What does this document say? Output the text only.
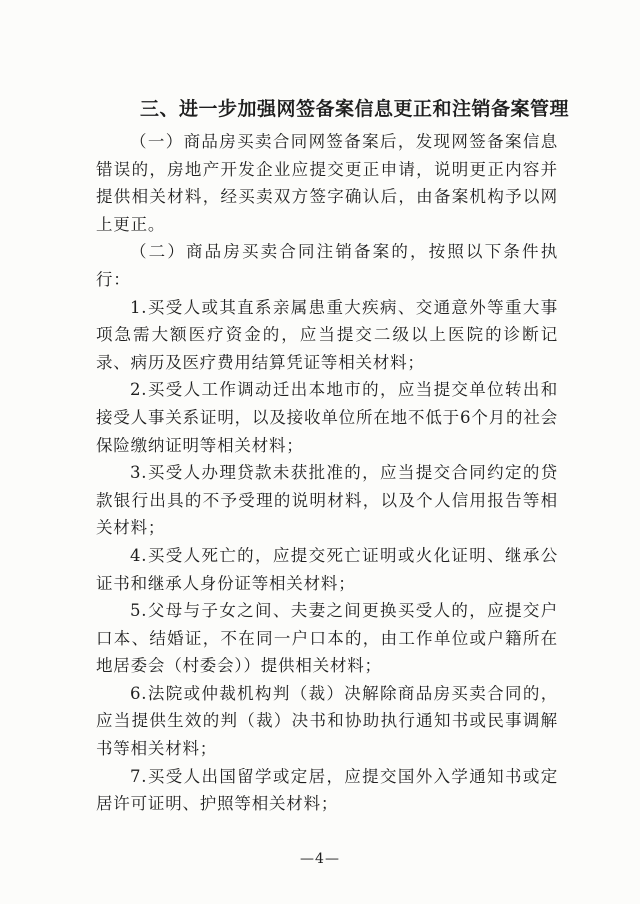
三、进一步加强网签备案信息更正和注销备案管理

（一）商品房买卖合同网签备案后，发现网签备案信息错误的，房地产开发企业应提交更正申请，说明更正内容并提供相关材料，经买卖双方签字确认后，由备案机构予以网上更正。

（二）商品房买卖合同注销备案的，按照以下条件执行：

1.买受人或其直系亲属患重大疾病、交通意外等重大事项急需大额医疗资金的，应当提交二级以上医院的诊断记录、病历及医疗费用结算凭证等相关材料；

2.买受人工作调动迁出本地市的，应当提交单位转出和接受人事关系证明，以及接收单位所在地不低于6个月的社会保险缴纳证明等相关材料；

3.买受人办理贷款未获批准的，应当提交合同约定的贷款银行出具的不予受理的说明材料，以及个人信用报告等相关材料；

4.买受人死亡的，应提交死亡证明或火化证明、继承公证书和继承人身份证等相关材料；

5.父母与子女之间、夫妻之间更换买受人的，应提交户口本、结婚证，不在同一户口本的，由工作单位或户籍所在地居委会（村委会））提供相关材料；

6.法院或仲裁机构判（裁）决解除商品房买卖合同的，应当提供生效的判（裁）决书和协助执行通知书或民事调解书等相关材料；

7.买受人出国留学或定居，应提交国外入学通知书或定居许可证明、护照等相关材料；

—4—
